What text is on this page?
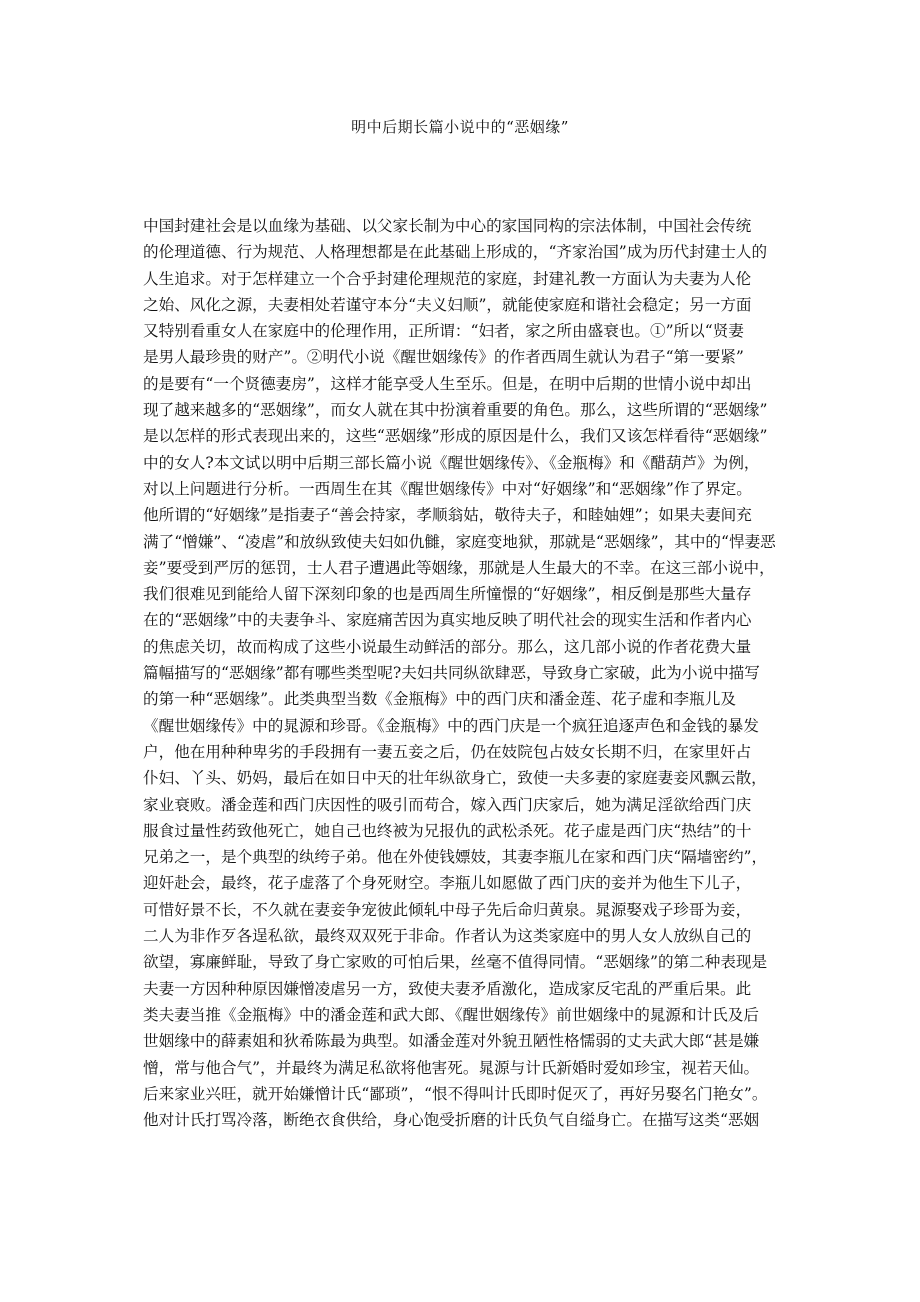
明中后期长篇小说中的“恶姻缘”
中国封建社会是以血缘为基础、以父家长制为中心的家国同构的宗法体制，中国社会传统
的伦理道德、行为规范、人格理想都是在此基础上形成的，“齐家治国”成为历代封建士人的
人生追求。对于怎样建立一个合乎封建伦理规范的家庭，封建礼教一方面认为夫妻为人伦
之始、风化之源，夫妻相处若谨守本分“夫义妇顺”，就能使家庭和谐社会稳定；另一方面
又特别看重女人在家庭中的伦理作用，正所谓：“妇者，家之所由盛衰也。①”所以“贤妻
是男人最珍贵的财产”。②明代小说《醒世姻缘传》的作者西周生就认为君子“第一要紧”
的是要有“一个贤德妻房”，这样才能享受人生至乐。但是，在明中后期的世情小说中却出
现了越来越多的“恶姻缘”，而女人就在其中扮演着重要的角色。那么，这些所谓的“恶姻缘”
是以怎样的形式表现出来的，这些“恶姻缘”形成的原因是什么，我们又该怎样看待“恶姻缘”
中的女人?本文试以明中后期三部长篇小说《醒世姻缘传》、《金瓶梅》和《醋葫芦》为例，
对以上问题进行分析。一西周生在其《醒世姻缘传》中对“好姻缘”和“恶姻缘”作了界定。
他所谓的“好姻缘”是指妻子“善会持家，孝顺翁姑，敬待夫子，和睦妯娌”；如果夫妻间充
满了“憎嫌”、“凌虐”和放纵致使夫妇如仇雠，家庭变地狱，那就是“恶姻缘”，其中的“悍妻恶
妾”要受到严厉的惩罚，士人君子遭遇此等姻缘，那就是人生最大的不幸。在这三部小说中，
我们很难见到能给人留下深刻印象的也是西周生所憧憬的“好姻缘”，相反倒是那些大量存
在的“恶姻缘”中的夫妻争斗、家庭痛苦因为真实地反映了明代社会的现实生活和作者内心
的焦虑关切，故而构成了这些小说最生动鲜活的部分。那么，这几部小说的作者花费大量
篇幅描写的“恶姻缘”都有哪些类型呢?夫妇共同纵欲肆恶，导致身亡家破，此为小说中描写
的第一种“恶姻缘”。此类典型当数《金瓶梅》中的西门庆和潘金莲、花子虚和李瓶儿及
《醒世姻缘传》中的晁源和珍哥。《金瓶梅》中的西门庆是一个疯狂追逐声色和金钱的暴发
户，他在用种种卑劣的手段拥有一妻五妾之后，仍在妓院包占妓女长期不归，在家里奸占
仆妇、丫头、奶妈，最后在如日中天的壮年纵欲身亡，致使一夫多妻的家庭妻妾风飘云散，
家业衰败。潘金莲和西门庆因性的吸引而苟合，嫁入西门庆家后，她为满足淫欲给西门庆
服食过量性药致他死亡，她自己也终被为兄报仇的武松杀死。花子虚是西门庆“热结”的十
兄弟之一，是个典型的纨绔子弟。他在外使钱嫖妓，其妻李瓶儿在家和西门庆“隔墙密约”，
迎奸赴会，最终，花子虚落了个身死财空。李瓶儿如愿做了西门庆的妾并为他生下儿子，
可惜好景不长，不久就在妻妾争宠彼此倾轧中母子先后命归黄泉。晁源娶戏子珍哥为妾，
二人为非作歹各逞私欲，最终双双死于非命。作者认为这类家庭中的男人女人放纵自己的
欲望，寡廉鲜耻，导致了身亡家败的可怕后果，丝毫不值得同情。“恶姻缘”的第二种表现是
夫妻一方因种种原因嫌憎凌虐另一方，致使夫妻矛盾激化，造成家反宅乱的严重后果。此
类夫妻当推《金瓶梅》中的潘金莲和武大郎、《醒世姻缘传》前世姻缘中的晁源和计氏及后
世姻缘中的薛素姐和狄希陈最为典型。如潘金莲对外貌丑陋性格懦弱的丈夫武大郎“甚是嫌
憎，常与他合气”，并最终为满足私欲将他害死。晁源与计氏新婚时爱如珍宝，视若天仙。
后来家业兴旺，就开始嫌憎计氏“鄙琐”，“恨不得叫计氏即时促灭了，再好另娶名门艳女”。
他对计氏打骂冷落，断绝衣食供给，身心饱受折磨的计氏负气自缢身亡。在描写这类“恶姻
